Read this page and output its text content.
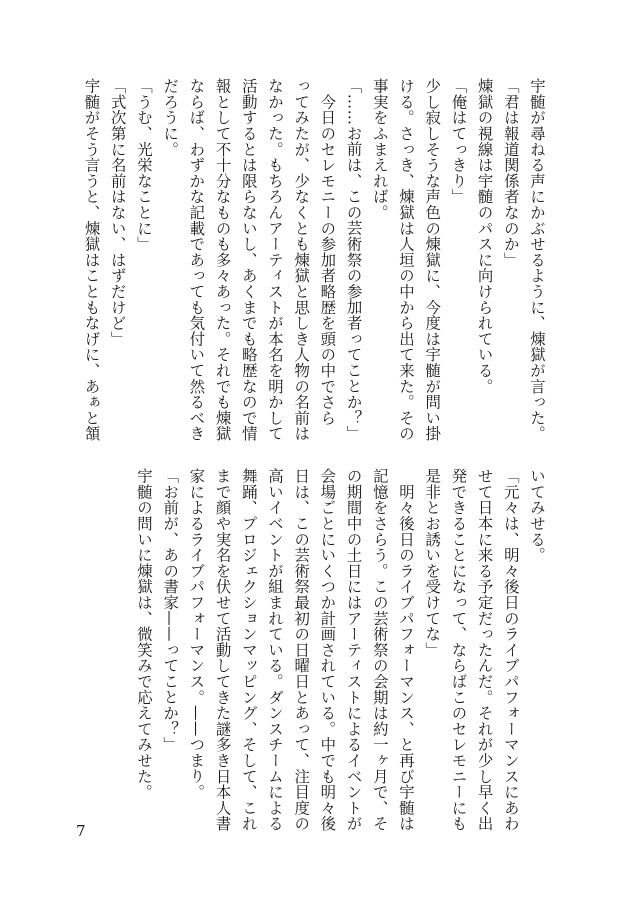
宇髄が尋ねる声にかぶせるように、煉獄が言った。
「君は報道関係者なのか」
煉獄の視線は宇髄のパスに向けられている。
「俺はてっきり」
少し寂しそうな声色の煉獄に、今度は宇髄が問い掛
ける。さっき、煉獄は人垣の中から出て来た。その
事実をふまえれば。
「……お前は、この芸術祭の参加者ってことか？」
　今日のセレモニーの参加者略歴を頭の中でさら
ってみたが、少なくとも煉獄と思しき人物の名前は
なかった。もちろんアーティストが本名を明かして
活動するとは限らないし、あくまでも略歴なので情
報として不十分なものも多々あった。それでも煉獄
ならば、わずかな記載であっても気付いて然るべき
だろうに。
「うむ、光栄なことに」
「式次第に名前はない、はずだけど」
宇髄がそう言うと、煉獄はこともなげに、あぁと頷
いてみせる。
「元々は、明々後日のライブパフォーマンスにあわ
せて日本に来る予定だったんだ。それが少し早く出
発できることになって、ならばこのセレモニーにも
是非とお誘いを受けてな」
　明々後日のライブパフォーマンス、と再び宇髄は
記憶をさらう。この芸術祭の会期は約一ヶ月で、そ
の期間中の土日にはアーティストによるイベントが
会場ごとにいくつか計画されている。中でも明々後
日は、この芸術祭最初の日曜日とあって、注目度の
高いイベントが組まれている。ダンスチームによる
舞踊、プロジェクションマッピング、そして、これ
まで顔や実名を伏せて活動してきた謎多き日本人書
家によるライブパフォーマンス。——つまり。
「お前が、あの書家——ってことか？」
宇髄の問いに煉獄は、微笑みで応えてみせた。
7
